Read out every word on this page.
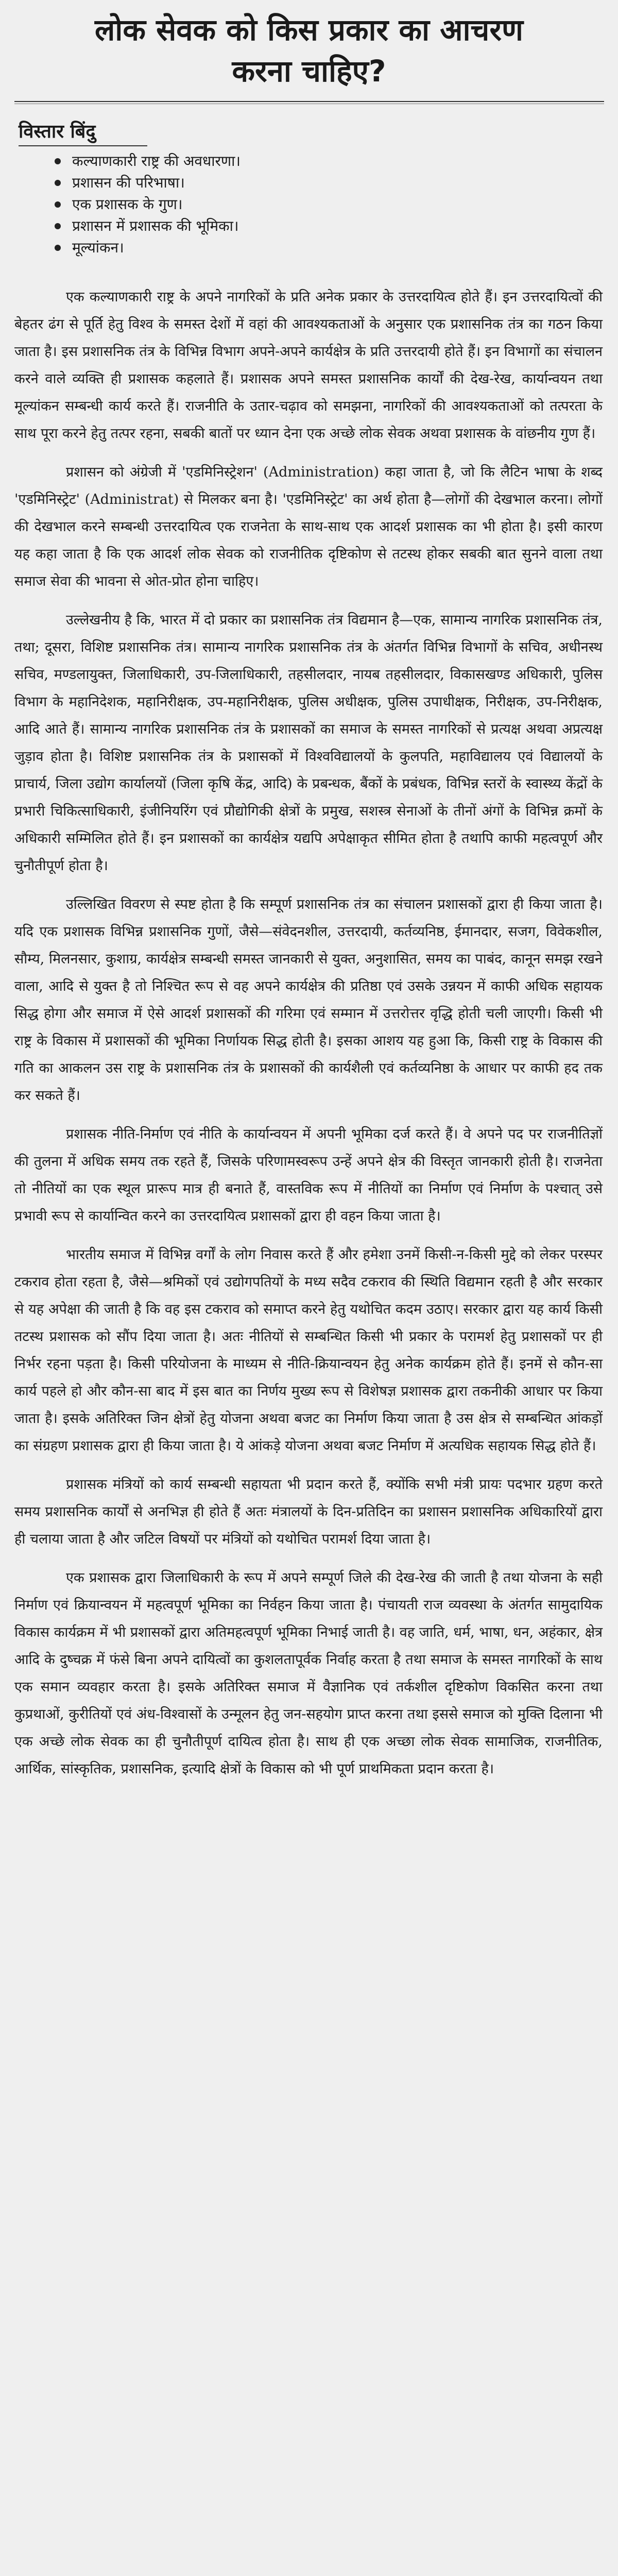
लोक सेवक को किस प्रकार का आचरण

करना चाहिए?

विस्तार बिंदु
कल्याणकारी राष्ट्र की अवधारणा।
प्रशासन की परिभाषा।
एक प्रशासक के गुण।
प्रशासन में प्रशासक की भूमिका।
मूल्यांकन।

एक कल्याणकारी राष्ट्र के अपने नागरिकों के प्रति अनेक प्रकार के उत्तरदायित्व होते हैं। इन उत्तरदायित्वों की बेहतर ढंग से पूर्ति हेतु विश्व के समस्त देशों में वहां की आवश्यकताओं के अनुसार एक प्रशासनिक तंत्र का गठन किया जाता है। इस प्रशासनिक तंत्र के विभिन्न विभाग अपने-अपने कार्यक्षेत्र के प्रति उत्तरदायी होते हैं। इन विभागों का संचालन करने वाले व्यक्ति ही प्रशासक कहलाते हैं। प्रशासक अपने समस्त प्रशासनिक कार्यों की देख-रेख, कार्यान्वयन तथा मूल्यांकन सम्बन्धी कार्य करते हैं। राजनीति के उतार-चढ़ाव को समझना, नागरिकों की आवश्यकताओं को तत्परता के साथ पूरा करने हेतु तत्पर रहना, सबकी बातों पर ध्यान देना एक अच्छे लोक सेवक अथवा प्रशासक के वांछनीय गुण हैं।

प्रशासन को अंग्रेजी में 'एडमिनिस्ट्रेशन' (Administration) कहा जाता है, जो कि लैटिन भाषा के शब्द 'एडमिनिस्ट्रेट' (Administrat) से मिलकर बना है। 'एडमिनिस्ट्रेट' का अर्थ होता है—लोगों की देखभाल करना। लोगों की देखभाल करने सम्बन्धी उत्तरदायित्व एक राजनेता के साथ-साथ एक आदर्श प्रशासक का भी होता है। इसी कारण यह कहा जाता है कि एक आदर्श लोक सेवक को राजनीतिक दृष्टिकोण से तटस्थ होकर सबकी बात सुनने वाला तथा समाज सेवा की भावना से ओत-प्रोत होना चाहिए।

उल्लेखनीय है कि, भारत में दो प्रकार का प्रशासनिक तंत्र विद्यमान है—एक, सामान्य नागरिक प्रशासनिक तंत्र, तथा; दूसरा, विशिष्ट प्रशासनिक तंत्र। सामान्य नागरिक प्रशासनिक तंत्र के अंतर्गत विभिन्न विभागों के सचिव, अधीनस्थ सचिव, मण्डलायुक्त, जिलाधिकारी, उप-जिलाधिकारी, तहसीलदार, नायब तहसीलदार, विकासखण्ड अधिकारी, पुलिस विभाग के महानिदेशक, महानिरीक्षक, उप-महानिरीक्षक, पुलिस अधीक्षक, पुलिस उपाधीक्षक, निरीक्षक, उप-निरीक्षक, आदि आते हैं। सामान्य नागरिक प्रशासनिक तंत्र के प्रशासकों का समाज के समस्त नागरिकों से प्रत्यक्ष अथवा अप्रत्यक्ष जुड़ाव होता है। विशिष्ट प्रशासनिक तंत्र के प्रशासकों में विश्वविद्यालयों के कुलपति, महाविद्यालय एवं विद्यालयों के प्राचार्य, जिला उद्योग कार्यालयों (जिला कृषि केंद्र, आदि) के प्रबन्धक, बैंकों के प्रबंधक, विभिन्न स्तरों के स्वास्थ्य केंद्रों के प्रभारी चिकित्साधिकारी, इंजीनियरिंग एवं प्रौद्योगिकी क्षेत्रों के प्रमुख, सशस्त्र सेनाओं के तीनों अंगों के विभिन्न क्रमों के अधिकारी सम्मिलित होते हैं। इन प्रशासकों का कार्यक्षेत्र यद्यपि अपेक्षाकृत सीमित होता है तथापि काफी महत्वपूर्ण और चुनौतीपूर्ण होता है।

उल्लिखित विवरण से स्पष्ट होता है कि सम्पूर्ण प्रशासनिक तंत्र का संचालन प्रशासकों द्वारा ही किया जाता है। यदि एक प्रशासक विभिन्न प्रशासनिक गुणों, जैसे—संवेदनशील, उत्तरदायी, कर्तव्यनिष्ठ, ईमानदार, सजग, विवेकशील, सौम्य, मिलनसार, कुशाग्र, कार्यक्षेत्र सम्बन्धी समस्त जानकारी से युक्त, अनुशासित, समय का पाबंद, कानून समझ रखने वाला, आदि से युक्त है तो निश्चित रूप से वह अपने कार्यक्षेत्र की प्रतिष्ठा एवं उसके उन्नयन में काफी अधिक सहायक सिद्ध होगा और समाज में ऐसे आदर्श प्रशासकों की गरिमा एवं सम्मान में उत्तरोत्तर वृद्धि होती चली जाएगी। किसी भी राष्ट्र के विकास में प्रशासकों की भूमिका निर्णायक सिद्ध होती है। इसका आशय यह हुआ कि, किसी राष्ट्र के विकास की गति का आकलन उस राष्ट्र के प्रशासनिक तंत्र के प्रशासकों की कार्यशैली एवं कर्तव्यनिष्ठा के आधार पर काफी हद तक कर सकते हैं।

प्रशासक नीति-निर्माण एवं नीति के कार्यान्वयन में अपनी भूमिका दर्ज करते हैं। वे अपने पद पर राजनीतिज्ञों की तुलना में अधिक समय तक रहते हैं, जिसके परिणामस्वरूप उन्हें अपने क्षेत्र की विस्तृत जानकारी होती है। राजनेता तो नीतियों का एक स्थूल प्रारूप मात्र ही बनाते हैं, वास्तविक रूप में नीतियों का निर्माण एवं निर्माण के पश्चात् उसे प्रभावी रूप से कार्यान्वित करने का उत्तरदायित्व प्रशासकों द्वारा ही वहन किया जाता है।

भारतीय समाज में विभिन्न वर्गों के लोग निवास करते हैं और हमेशा उनमें किसी-न-किसी मुद्दे को लेकर परस्पर टकराव होता रहता है, जैसे—श्रमिकों एवं उद्योगपतियों के मध्य सदैव टकराव की स्थिति विद्यमान रहती है और सरकार से यह अपेक्षा की जाती है कि वह इस टकराव को समाप्त करने हेतु यथोचित कदम उठाए। सरकार द्वारा यह कार्य किसी तटस्थ प्रशासक को सौंप दिया जाता है। अतः नीतियों से सम्बन्धित किसी भी प्रकार के परामर्श हेतु प्रशासकों पर ही निर्भर रहना पड़ता है। किसी परियोजना के माध्यम से नीति-क्रियान्वयन हेतु अनेक कार्यक्रम होते हैं। इनमें से कौन-सा कार्य पहले हो और कौन-सा बाद में इस बात का निर्णय मुख्य रूप से विशेषज्ञ प्रशासक द्वारा तकनीकी आधार पर किया जाता है। इसके अतिरिक्त जिन क्षेत्रों हेतु योजना अथवा बजट का निर्माण किया जाता है उस क्षेत्र से सम्बन्धित आंकड़ों का संग्रहण प्रशासक द्वारा ही किया जाता है। ये आंकड़े योजना अथवा बजट निर्माण में अत्यधिक सहायक सिद्ध होते हैं।

प्रशासक मंत्रियों को कार्य सम्बन्धी सहायता भी प्रदान करते हैं, क्योंकि सभी मंत्री प्रायः पदभार ग्रहण करते समय प्रशासनिक कार्यों से अनभिज्ञ ही होते हैं अतः मंत्रालयों के दिन-प्रतिदिन का प्रशासन प्रशासनिक अधिकारियों द्वारा ही चलाया जाता है और जटिल विषयों पर मंत्रियों को यथोचित परामर्श दिया जाता है।

एक प्रशासक द्वारा जिलाधिकारी के रूप में अपने सम्पूर्ण जिले की देख-रेख की जाती है तथा योजना के सही निर्माण एवं क्रियान्वयन में महत्वपूर्ण भूमिका का निर्वहन किया जाता है। पंचायती राज व्यवस्था के अंतर्गत सामुदायिक विकास कार्यक्रम में भी प्रशासकों द्वारा अतिमहत्वपूर्ण भूमिका निभाई जाती है। वह जाति, धर्म, भाषा, धन, अहंकार, क्षेत्र आदि के दुष्चक्र में फंसे बिना अपने दायित्वों का कुशलतापूर्वक निर्वाह करता है तथा समाज के समस्त नागरिकों के साथ एक समान व्यवहार करता है। इसके अतिरिक्त समाज में वैज्ञानिक एवं तर्कशील दृष्टिकोण विकसित करना तथा कुप्रथाओं, कुरीतियों एवं अंध-विश्वासों के उन्मूलन हेतु जन-सहयोग प्राप्त करना तथा इससे समाज को मुक्ति दिलाना भी एक अच्छे लोक सेवक का ही चुनौतीपूर्ण दायित्व होता है। साथ ही एक अच्छा लोक सेवक सामाजिक, राजनीतिक, आर्थिक, सांस्कृतिक, प्रशासनिक, इत्यादि क्षेत्रों के विकास को भी पूर्ण प्राथमिकता प्रदान करता है।
